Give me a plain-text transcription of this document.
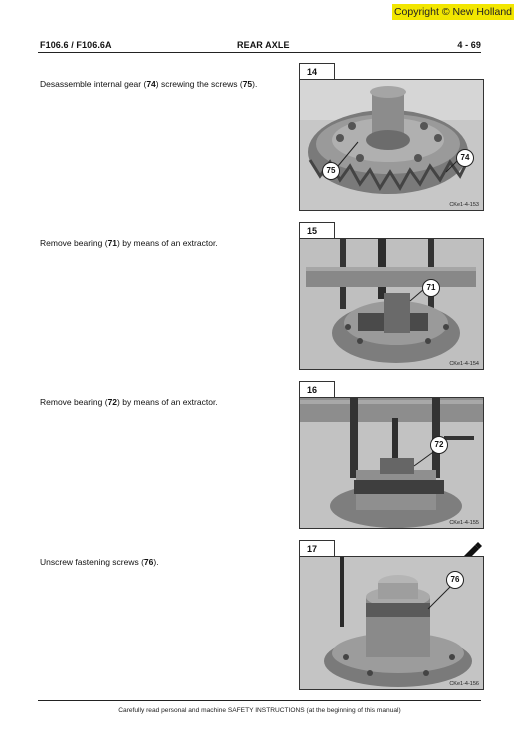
Copyright © New Holland
F106.6 / F106.6A	REAR AXLE	4 - 69
Desassemble internal gear (74) screwing the screws (75).
14
75
74
CKe1-4-153
Remove bearing (71) by means of an extractor.
15
71
CKe1-4-154
Remove bearing (72) by means of an extractor.
16
72
CKe1-4-155
Unscrew fastening screws (76).
17
76
CKe1-4-156
Carefully read personal and machine SAFETY INSTRUCTIONS (at the beginning of this manual)
